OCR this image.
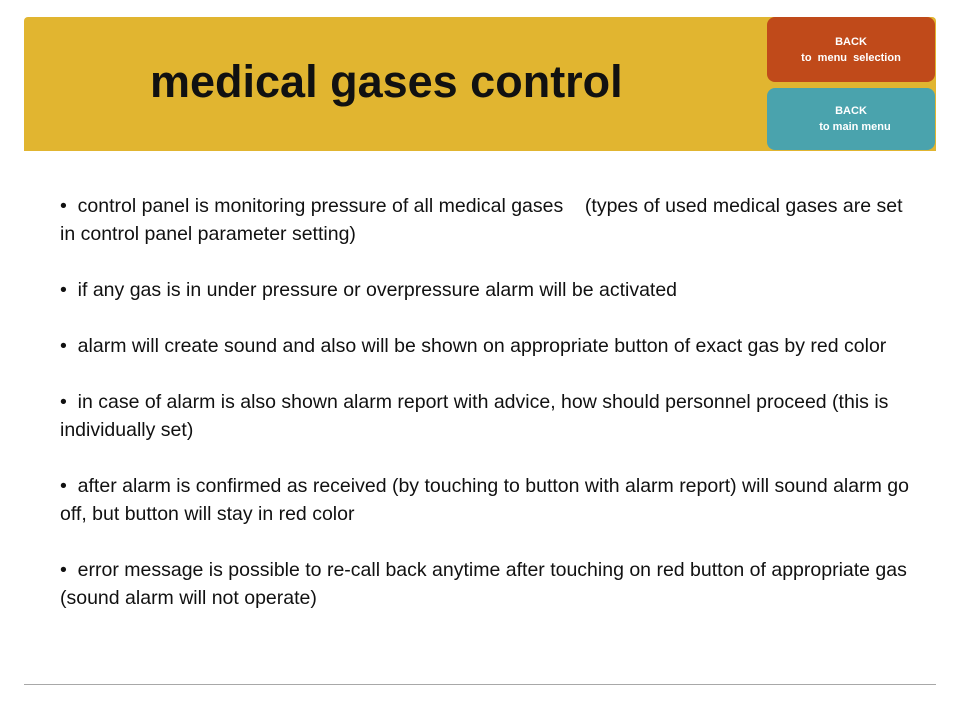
medical gases control
BACK
to  menu  selection
BACK
to main menu

• control panel is monitoring pressure of all medical gases    (types of used medical gases are set in control panel parameter setting)

• if any gas is in under pressure or overpressure alarm will be activated

• alarm will create sound and also will be shown on appropriate button of exact gas by red color

• in case of alarm is also shown alarm report with advice, how should personnel proceed (this is individually set)

• after alarm is confirmed as received (by touching to button with alarm report) will sound alarm go off, but button will stay in red color

• error message is possible to re-call back anytime after touching on red button of appropriate gas (sound alarm will not operate)
